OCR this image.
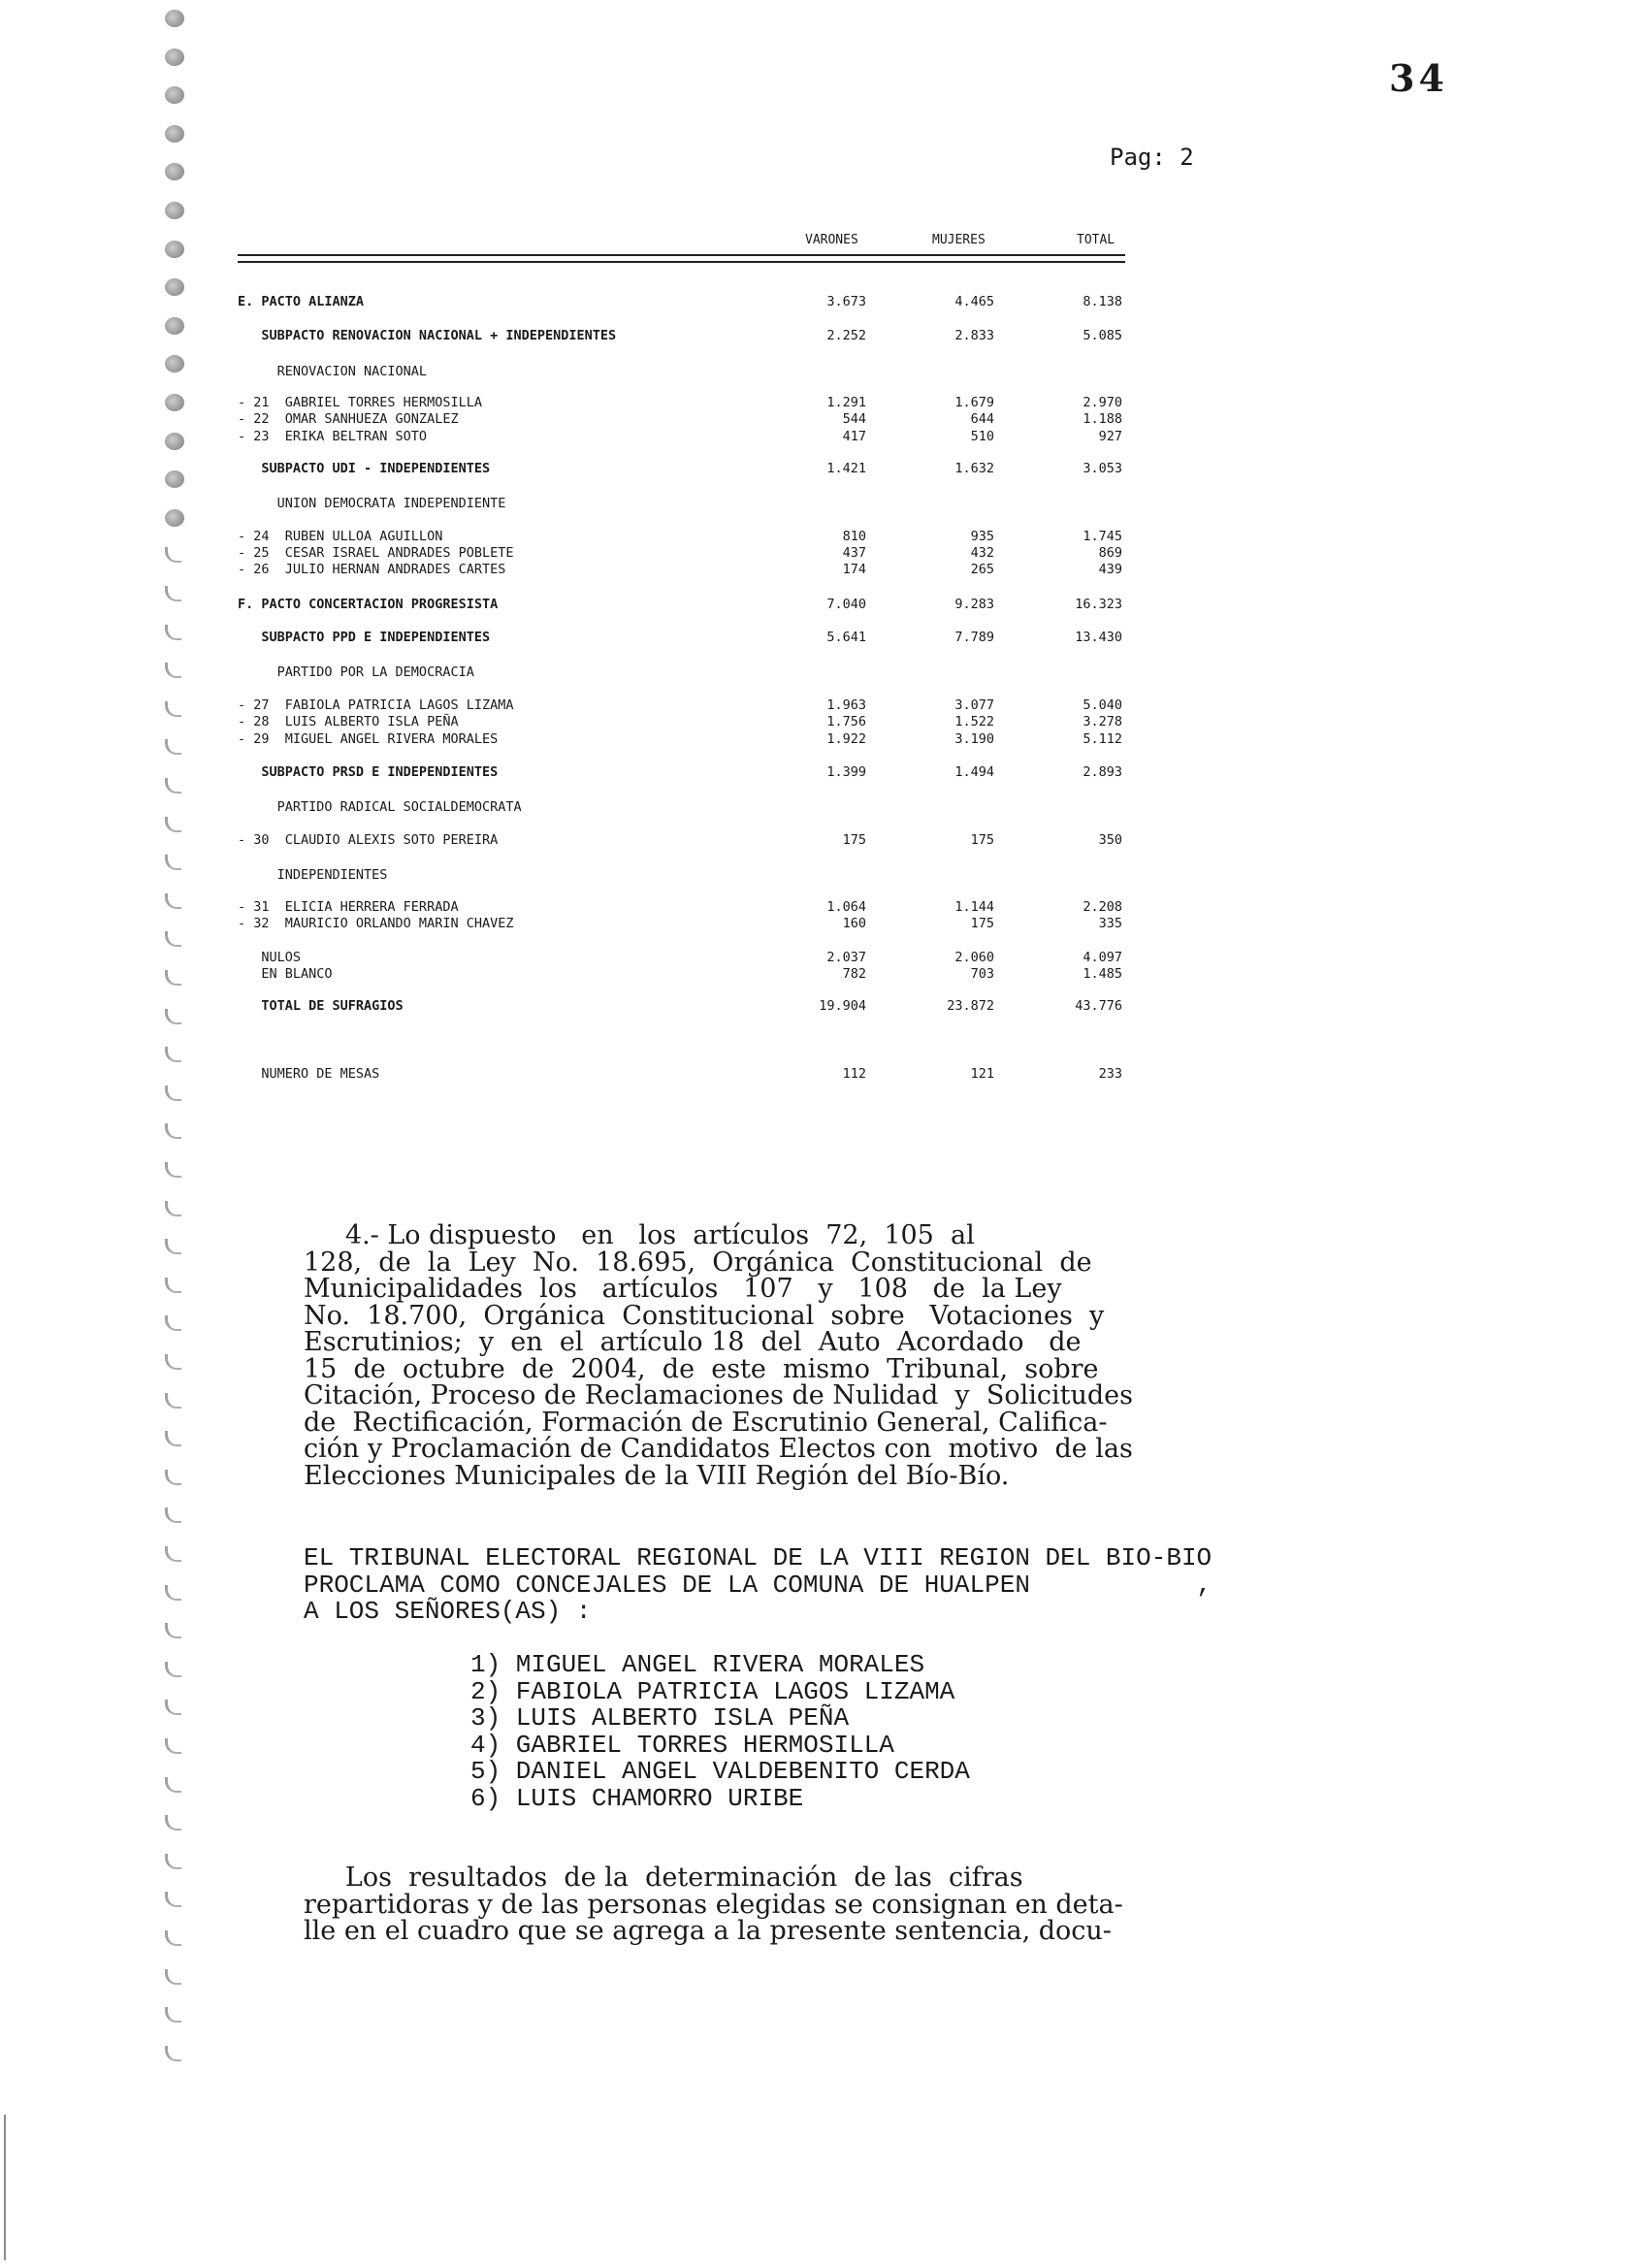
34
Pag: 2
VARONES	MUJERES	TOTAL
E. PACTO ALIANZA	3.673	4.465	8.138
SUBPACTO RENOVACION NACIONAL + INDEPENDIENTES	2.252	2.833	5.085
RENOVACION NACIONAL
- 21  GABRIEL TORRES HERMOSILLA	1.291	1.679	2.970
- 22  OMAR SANHUEZA GONZALEZ	544	644	1.188
- 23  ERIKA BELTRAN SOTO	417	510	927
SUBPACTO UDI - INDEPENDIENTES	1.421	1.632	3.053
UNION DEMOCRATA INDEPENDIENTE
- 24  RUBEN ULLOA AGUILLON	810	935	1.745
- 25  CESAR ISRAEL ANDRADES POBLETE	437	432	869
- 26  JULIO HERNAN ANDRADES CARTES	174	265	439
F. PACTO CONCERTACION PROGRESISTA	7.040	9.283	16.323
SUBPACTO PPD E INDEPENDIENTES	5.641	7.789	13.430
PARTIDO POR LA DEMOCRACIA
- 27  FABIOLA PATRICIA LAGOS LIZAMA	1.963	3.077	5.040
- 28  LUIS ALBERTO ISLA PEÑA	1.756	1.522	3.278
- 29  MIGUEL ANGEL RIVERA MORALES	1.922	3.190	5.112
SUBPACTO PRSD E INDEPENDIENTES	1.399	1.494	2.893
PARTIDO RADICAL SOCIALDEMOCRATA
- 30  CLAUDIO ALEXIS SOTO PEREIRA	175	175	350
INDEPENDIENTES
- 31  ELICIA HERRERA FERRADA	1.064	1.144	2.208
- 32  MAURICIO ORLANDO MARIN CHAVEZ	160	175	335
NULOS	2.037	2.060	4.097
EN BLANCO	782	703	1.485
TOTAL DE SUFRAGIOS	19.904	23.872	43.776
NUMERO DE MESAS	112	121	233
4.- Lo dispuesto   en   los  artículos  72,  105  al
128,  de  la  Ley  No.  18.695,  Orgánica  Constitucional  de
Municipalidades  los   artículos   107   y   108   de  la Ley
No.  18.700,  Orgánica  Constitucional  sobre   Votaciones  y
Escrutinios;  y  en  el  artículo 18  del  Auto  Acordado   de
15  de  octubre  de  2004,  de  este  mismo  Tribunal,  sobre
Citación, Proceso de Reclamaciones de Nulidad  y  Solicitudes
de  Rectificación, Formación de Escrutinio General, Califica-
ción y Proclamación de Candidatos Electos con  motivo  de las
Elecciones Municipales de la VIII Región del Bío-Bío.
EL TRIBUNAL ELECTORAL REGIONAL DE LA VIII REGION DEL BIO-BIO
PROCLAMA COMO CONCEJALES DE LA COMUNA DE HUALPEN           ,
A LOS SEÑORES(AS) :
1) MIGUEL ANGEL RIVERA MORALES
2) FABIOLA PATRICIA LAGOS LIZAMA
3) LUIS ALBERTO ISLA PEÑA
4) GABRIEL TORRES HERMOSILLA
5) DANIEL ANGEL VALDEBENITO CERDA
6) LUIS CHAMORRO URIBE
Los  resultados  de la  determinación  de las  cifras
repartidoras y de las personas elegidas se consignan en deta-
lle en el cuadro que se agrega a la presente sentencia, docu-
